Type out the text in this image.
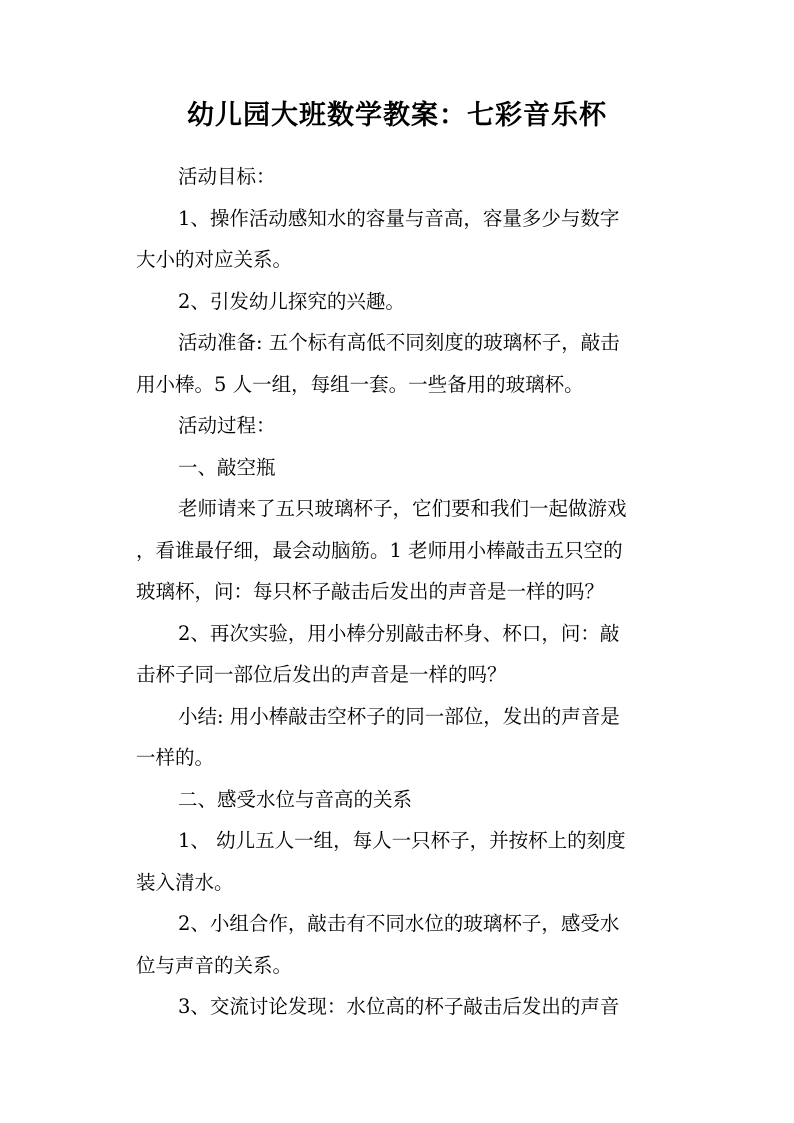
幼儿园大班数学教案：七彩音乐杯
活动目标：
1、操作活动感知水的容量与音高，容量多少与数字
大小的对应关系。
2、引发幼儿探究的兴趣。
活动准备: 五个标有高低不同刻度的玻璃杯子，敲击
用小棒。5 人一组，每组一套。一些备用的玻璃杯。
活动过程：
一、敲空瓶
老师请来了五只玻璃杯子，它们要和我们一起做游戏
，看谁最仔细，最会动脑筋。1 老师用小棒敲击五只空的
玻璃杯，问：每只杯子敲击后发出的声音是一样的吗？
2、再次实验，用小棒分别敲击杯身、杯口，问：敲
击杯子同一部位后发出的声音是一样的吗？
小结: 用小棒敲击空杯子的同一部位，发出的声音是
一样的。
二、感受水位与音高的关系
1、 幼儿五人一组，每人一只杯子，并按杯上的刻度
装入清水。
2、小组合作，敲击有不同水位的玻璃杯子，感受水
位与声音的关系。
3、交流讨论发现：水位高的杯子敲击后发出的声音
